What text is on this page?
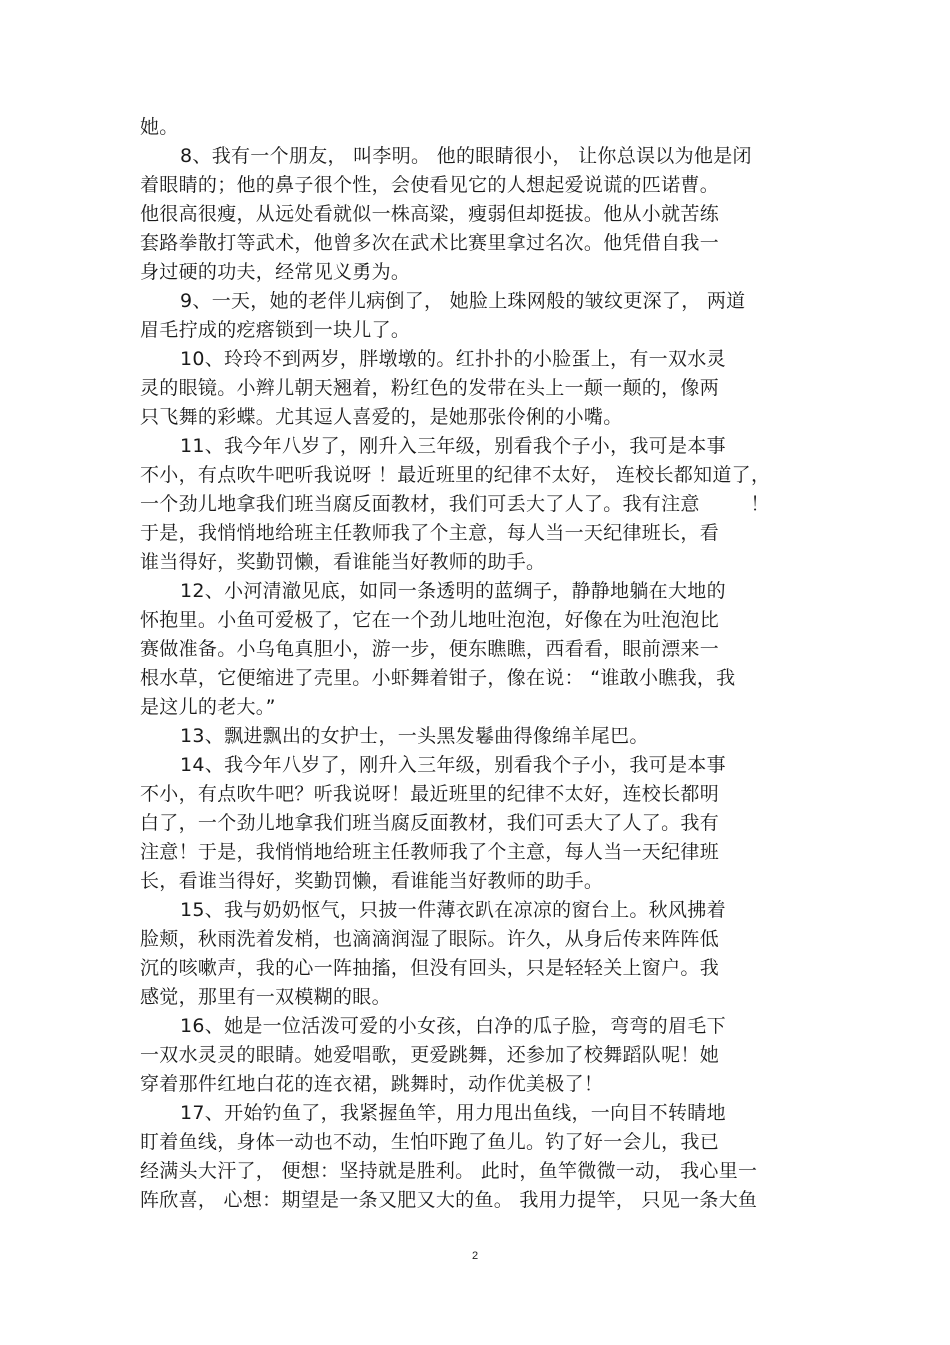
她。
8、我有一个朋友， 叫李明。 他的眼睛很小， 让你总误以为他是闭
着眼睛的；他的鼻子很个性，会使看见它的人想起爱说谎的匹诺曹。
他很高很瘦，从远处看就似一株高粱，瘦弱但却挺拔。他从小就苦练
套路拳散打等武术，他曾多次在武术比赛里拿过名次。他凭借自我一
身过硬的功夫，经常见义勇为。
9、一天，她的老伴儿病倒了， 她脸上珠网般的皱纹更深了， 两道
眉毛拧成的疙瘩锁到一块儿了。
10、玲玲不到两岁，胖墩墩的。红扑扑的小脸蛋上，有一双水灵
灵的眼镜。小辫儿朝天翘着，粉红色的发带在头上一颠一颠的，像两
只飞舞的彩蝶。尤其逗人喜爱的，是她那张伶俐的小嘴。
11、我今年八岁了，刚升入三年级，别看我个子小，我可是本事
不小，有点吹牛吧听我说呀 ！最近班里的纪律不太好， 连校长都知道了，
一个劲儿地拿我们班当腐反面教材，我们可丢大了人了。我有注意        ！
于是，我悄悄地给班主任教师我了个主意，每人当一天纪律班长，看
谁当得好，奖勤罚懒，看谁能当好教师的助手。
12、小河清澈见底，如同一条透明的蓝绸子，静静地躺在大地的
怀抱里。小鱼可爱极了，它在一个劲儿地吐泡泡，好像在为吐泡泡比
赛做准备。小乌龟真胆小，游一步，便东瞧瞧，西看看，眼前漂来一
根水草，它便缩进了壳里。小虾舞着钳子，像在说： “谁敢小瞧我，我
是这儿的老大。”
13、飘进飘出的女护士，一头黑发鬈曲得像绵羊尾巴。
14、我今年八岁了，刚升入三年级，别看我个子小，我可是本事
不小，有点吹牛吧？听我说呀！最近班里的纪律不太好，连校长都明
白了，一个劲儿地拿我们班当腐反面教材，我们可丢大了人了。我有
注意！于是，我悄悄地给班主任教师我了个主意，每人当一天纪律班
长，看谁当得好，奖勤罚懒，看谁能当好教师的助手。
15、我与奶奶怄气，只披一件薄衣趴在凉凉的窗台上。秋风拂着
脸颊，秋雨洗着发梢，也滴滴润湿了眼际。许久，从身后传来阵阵低
沉的咳嗽声，我的心一阵抽搐，但没有回头，只是轻轻关上窗户。我
感觉，那里有一双模糊的眼。
16、她是一位活泼可爱的小女孩，白净的瓜子脸，弯弯的眉毛下
一双水灵灵的眼睛。她爱唱歌，更爱跳舞，还参加了校舞蹈队呢！她
穿着那件红地白花的连衣裙，跳舞时，动作优美极了！
17、开始钓鱼了，我紧握鱼竿，用力甩出鱼线，一向目不转睛地
盯着鱼线，身体一动也不动，生怕吓跑了鱼儿。钓了好一会儿，我已
经满头大汗了， 便想：坚持就是胜利。 此时，鱼竿微微一动， 我心里一
阵欣喜， 心想：期望是一条又肥又大的鱼。 我用力提竿， 只见一条大鱼
2
